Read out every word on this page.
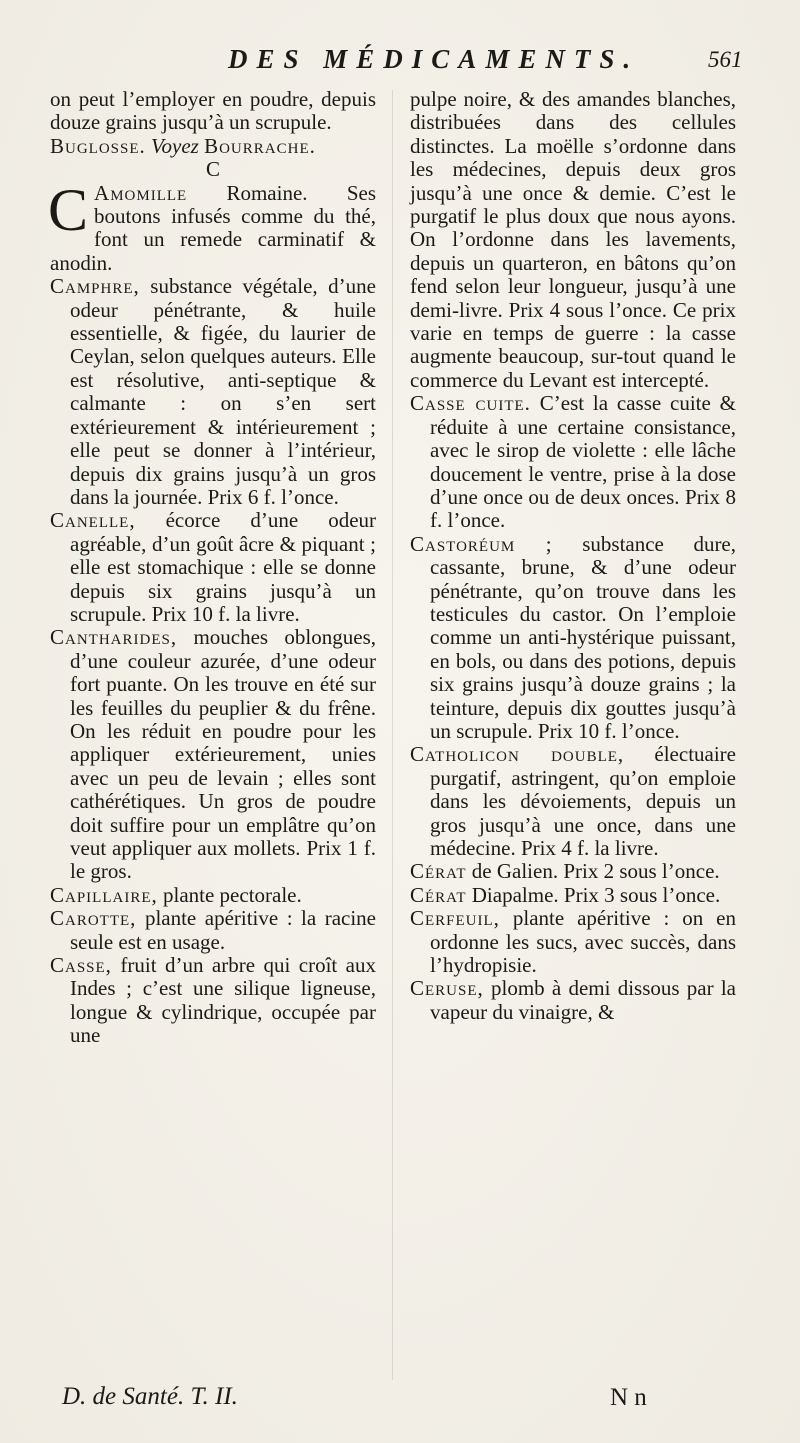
DES MÉDICAMENTS.	561

on peut l’employer en poudre, depuis douze grains jusqu’à un scrupule.

Buglosse. Voyez Bourrache.

C

C Amomille Romaine. Ses boutons infusés comme du thé, font un remede carminatif & anodin.

Camphre, substance végétale, d’une odeur pénétrante, & huile essentielle, & figée, du laurier de Ceylan, selon quelques auteurs. Elle est résolutive, anti-septique & calmante : on s’en sert extérieurement & intérieurement ; elle peut se donner à l’intérieur, depuis dix grains jusqu’à un gros dans la journée. Prix 6 f. l’once.

Canelle, écorce d’une odeur agréable, d’un goût âcre & piquant ; elle est stomachique : elle se donne depuis six grains jusqu’à un scrupule. Prix 10 f. la livre.

Cantharides, mouches oblongues, d’une couleur azurée, d’une odeur fort puante. On les trouve en été sur les feuilles du peuplier & du frêne. On les réduit en poudre pour les appliquer extérieurement, unies avec un peu de levain ; elles sont cathérétiques. Un gros de poudre doit suffire pour un emplâtre qu’on veut appliquer aux mollets. Prix 1 f. le gros.

Capillaire, plante pectorale.

Carotte, plante apéritive : la racine seule est en usage.

Casse, fruit d’un arbre qui croît aux Indes ; c’est une silique ligneuse, longue & cylindrique, occupée par une

pulpe noire, & des amandes blanches, distribuées dans des cellules distinctes. La moëlle s’ordonne dans les médecines, depuis deux gros jusqu’à une once & demie. C’est le purgatif le plus doux que nous ayons. On l’ordonne dans les lavements, depuis un quarteron, en bâtons qu’on fend selon leur longueur, jusqu’à une demi-livre. Prix 4 sous l’once. Ce prix varie en temps de guerre : la casse augmente beaucoup, sur-tout quand le commerce du Levant est intercepté.

Casse cuite. C’est la casse cuite & réduite à une certaine consistance, avec le sirop de violette : elle lâche doucement le ventre, prise à la dose d’une once ou de deux onces. Prix 8 f. l’once.

Castoréum ; substance dure, cassante, brune, & d’une odeur pénétrante, qu’on trouve dans les testicules du castor. On l’emploie comme un anti-hystérique puissant, en bols, ou dans des potions, depuis six grains jusqu’à douze grains ; la teinture, depuis dix gouttes jusqu’à un scrupule. Prix 10 f. l’once.

Catholicon double, électuaire purgatif, astringent, qu’on emploie dans les dévoiements, depuis un gros jusqu’à une once, dans une médecine. Prix 4 f. la livre.

Cérat de Galien. Prix 2 sous l’once.

Cérat Diapalme. Prix 3 sous l’once.

Cerfeuil, plante apéritive : on en ordonne les sucs, avec succès, dans l’hydropisie.

Ceruse, plomb à demi dissous par la vapeur du vinaigre, &

D. de Santé. T. II.	N n
